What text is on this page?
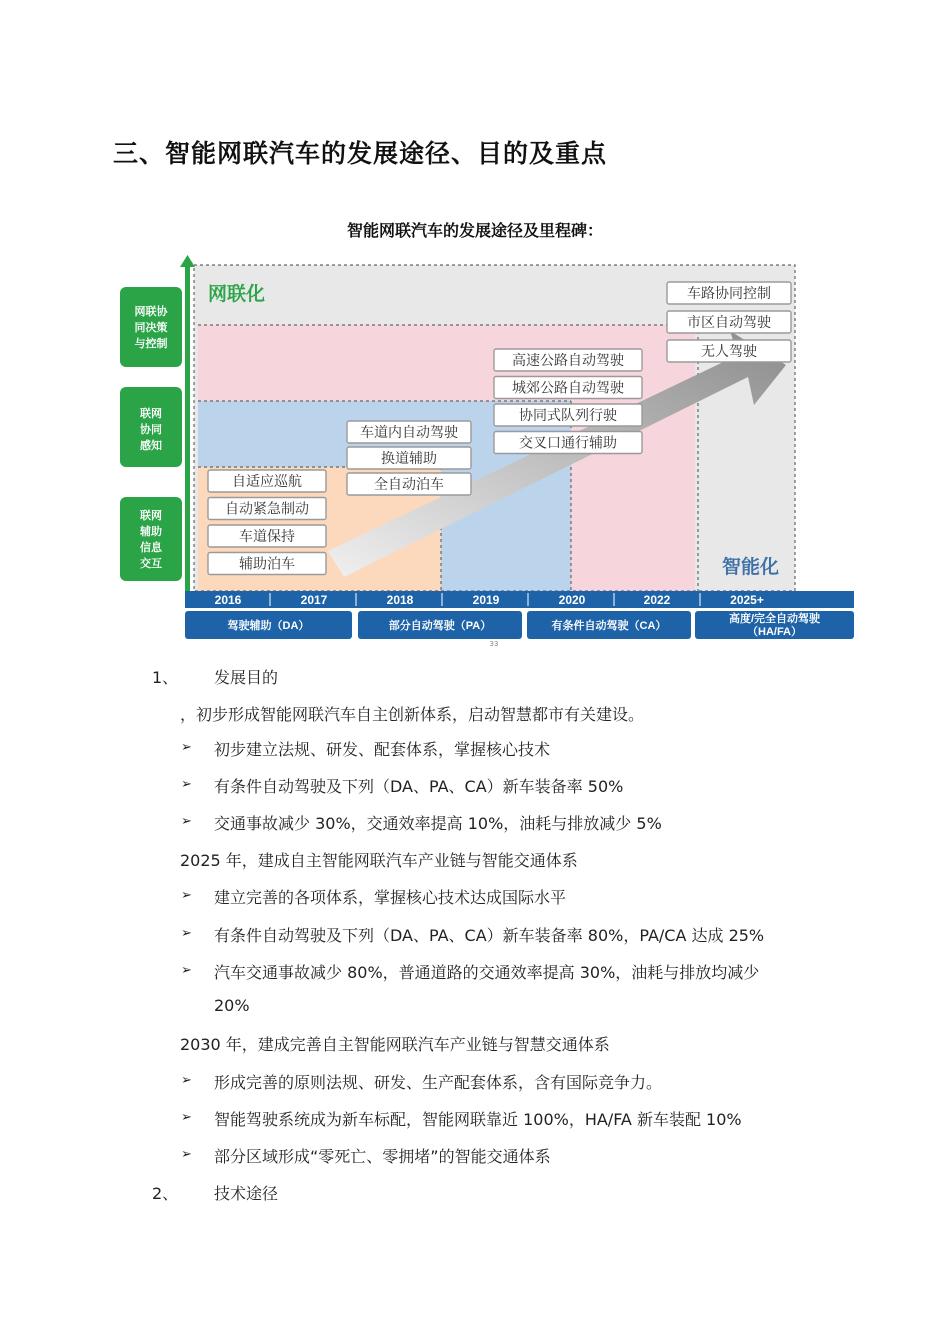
三、智能网联汽车的发展途径、目的及重点
智能网联汽车的发展途径及里程碑：
网联协
同决策
与控制
联网
协同
感知
联网
辅助
信息
交互
网联化
智能化
自适应巡航
自动紧急制动
车道保持
辅助泊车
车道内自动驾驶
换道辅助
全自动泊车
高速公路自动驾驶
城郊公路自动驾驶
协同式队列行驶
交叉口通行辅助
车路协同控制
市区自动驾驶
无人驾驶
2016	2017	2018	2019	2020	2022	2025+
驾驶辅助（DA）	部分自动驾驶（PA）	有条件自动驾驶（CA）
高度/完全自动驾驶
（HA/FA）
33
1、 发展目的
，初步形成智能网联汽车自主创新体系，启动智慧都市有关建设。
➢ 初步建立法规、研发、配套体系，掌握核心技术
➢ 有条件自动驾驶及下列（DA、PA、CA）新车装备率 50%
➢ 交通事故减少 30%，交通效率提高 10%，油耗与排放减少 5%
2025 年，建成自主智能网联汽车产业链与智能交通体系
➢ 建立完善的各项体系，掌握核心技术达成国际水平
➢ 有条件自动驾驶及下列（DA、PA、CA）新车装备率 80%，PA/CA 达成 25%
➢ 汽车交通事故减少 80%，普通道路的交通效率提高 30%，油耗与排放均减少
20%
2030 年，建成完善自主智能网联汽车产业链与智慧交通体系
➢ 形成完善的原则法规、研发、生产配套体系，含有国际竞争力。
➢ 智能驾驶系统成为新车标配，智能网联靠近 100%，HA/FA 新车装配 10%
➢ 部分区域形成“零死亡、零拥堵”的智能交通体系
2、 技术途径
